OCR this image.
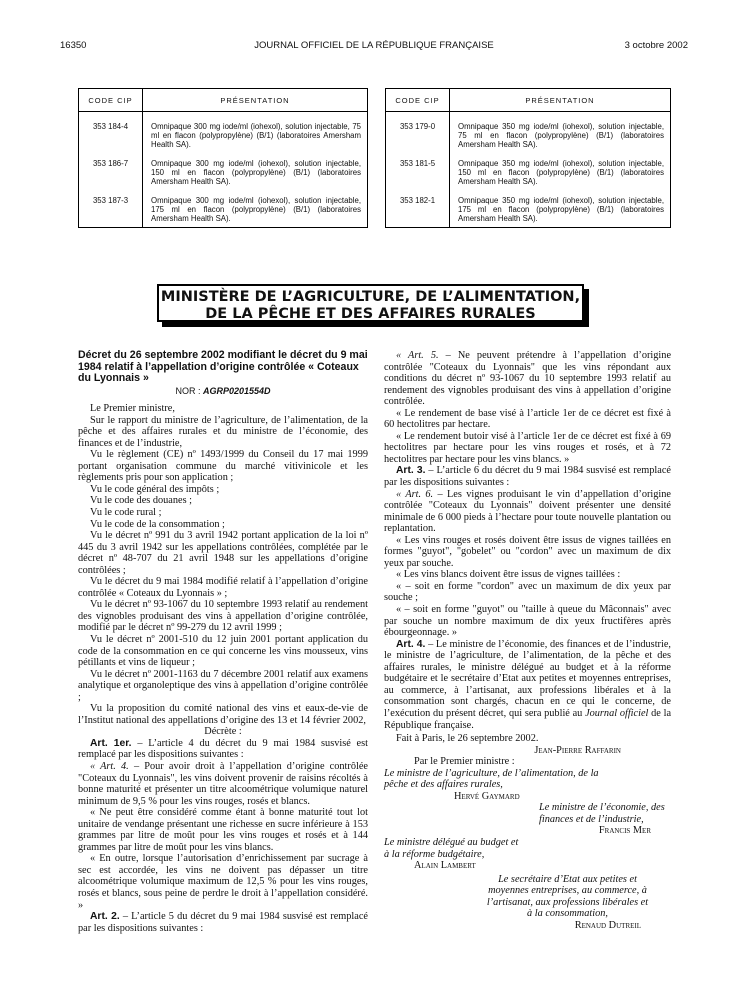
16350	JOURNAL OFFICIEL DE LA RÉPUBLIQUE FRANÇAISE	3 octobre 2002
CODE CIP	PRÉSENTATION
353 184-4	Omnipaque 300 mg iode/ml (iohexol), solution injectable, 75 ml en flacon (polypropylène) (B/1) (laboratoires Amersham Health SA).
353 186-7	Omnipaque 300 mg iode/ml (iohexol), solution injectable, 150 ml en flacon (polypropylène) (B/1) (laboratoires Amersham Health SA).
353 187-3	Omnipaque 300 mg iode/ml (iohexol), solution injectable, 175 ml en flacon (polypropylène) (B/1) (laboratoires Amersham Health SA).
CODE CIP	PRÉSENTATION
353 179-0	Omnipaque 350 mg iode/ml (iohexol), solution injectable, 75 ml en flacon (polypropylène) (B/1) (laboratoires Amersham Health SA).
353 181-5	Omnipaque 350 mg iode/ml (iohexol), solution injectable, 150 ml en flacon (polypropylène) (B/1) (laboratoires Amersham Health SA).
353 182-1	Omnipaque 350 mg iode/ml (iohexol), solution injectable, 175 ml en flacon (polypropylène) (B/1) (laboratoires Amersham Health SA).
MINISTÈRE DE L’AGRICULTURE, DE L’ALIMENTATION,
DE LA PÊCHE ET DES AFFAIRES RURALES
Décret du 26 septembre 2002 modifiant le décret du 9 mai 1984 relatif à l’appellation d’origine contrôlée « Coteaux du Lyonnais »
NOR : AGRP0201554D

Le Premier ministre,

Sur le rapport du ministre de l’agriculture, de l’alimentation, de la pêche et des affaires rurales et du ministre de l’économie, des finances et de l’industrie,

Vu le règlement (CE) nº 1493/1999 du Conseil du 17 mai 1999 portant organisation commune du marché vitivinicole et les règlements pris pour son application ;

Vu le code général des impôts ;

Vu le code des douanes ;

Vu le code rural ;

Vu le code de la consommation ;

Vu le décret nº 991 du 3 avril 1942 portant application de la loi nº 445 du 3 avril 1942 sur les appellations contrôlées, complétée par le décret nº 48-707 du 21 avril 1948 sur les appellations d’origine contrôlées ;

Vu le décret du 9 mai 1984 modifié relatif à l’appellation d’origine contrôlée « Coteaux du Lyonnais » ;

Vu le décret nº 93-1067 du 10 septembre 1993 relatif au rendement des vignobles produisant des vins à appellation d’origine contrôlée, modifié par le décret nº 99-279 du 12 avril 1999 ;

Vu le décret nº 2001-510 du 12 juin 2001 portant application du code de la consommation en ce qui concerne les vins mousseux, vins pétillants et vins de liqueur ;

Vu le décret nº 2001-1163 du 7 décembre 2001 relatif aux examens analytique et organoleptique des vins à appellation d’origine contrôlée ;

Vu la proposition du comité national des vins et eaux-de-vie de l’Institut national des appellations d’origine des 13 et 14 février 2002,

Décrète :

Art. 1er. – L’article 4 du décret du 9 mai 1984 susvisé est remplacé par les dispositions suivantes :

« Art. 4. – Pour avoir droit à l’appellation d’origine contrôlée "Coteaux du Lyonnais", les vins doivent provenir de raisins récoltés à bonne maturité et présenter un titre alcoométrique volumique naturel minimum de 9,5 % pour les vins rouges, rosés et blancs.

« Ne peut être considéré comme étant à bonne maturité tout lot unitaire de vendange présentant une richesse en sucre inférieure à 153 grammes par litre de moût pour les vins rouges et rosés et à 144 grammes par litre de moût pour les vins blancs.

« En outre, lorsque l’autorisation d’enrichissement par sucrage à sec est accordée, les vins ne doivent pas dépasser un titre alcoométrique volumique maximum de 12,5 % pour les vins rouges, rosés et blancs, sous peine de perdre le droit à l’appellation considéré. »

Art. 2. – L’article 5 du décret du 9 mai 1984 susvisé est remplacé par les dispositions suivantes :

« Art. 5. – Ne peuvent prétendre à l’appellation d’origine contrôlée "Coteaux du Lyonnais" que les vins répondant aux conditions du décret nº 93-1067 du 10 septembre 1993 relatif au rendement des vignobles produisant des vins à appellation d’origine contrôlée.

« Le rendement de base visé à l’article 1er de ce décret est fixé à 60 hectolitres par hectare.

« Le rendement butoir visé à l’article 1er de ce décret est fixé à 69 hectolitres par hectare pour les vins rouges et rosés, et à 72 hectolitres par hectare pour les vins blancs. »

Art. 3. – L’article 6 du décret du 9 mai 1984 susvisé est remplacé par les dispositions suivantes :

« Art. 6. – Les vignes produisant le vin d’appellation d’origine contrôlée "Coteaux du Lyonnais" doivent présenter une densité minimale de 6 000 pieds à l’hectare pour toute nouvelle plantation ou replantation.

« Les vins rouges et rosés doivent être issus de vignes taillées en formes "guyot", "gobelet" ou "cordon" avec un maximum de dix yeux par souche.

« Les vins blancs doivent être issus de vignes taillées :

« – soit en forme "cordon" avec un maximum de dix yeux par souche ;

« – soit en forme "guyot" ou "taille à queue du Mâconnais" avec par souche un nombre maximum de dix yeux fructifères après ébourgeonnage. »

Art. 4. – Le ministre de l’économie, des finances et de l’industrie, le ministre de l’agriculture, de l’alimentation, de la pêche et des affaires rurales, le ministre délégué au budget et à la réforme budgétaire et le secrétaire d’Etat aux petites et moyennes entreprises, au commerce, à l’artisanat, aux professions libérales et à la consommation sont chargés, chacun en ce qui le concerne, de l’exécution du présent décret, qui sera publié au Journal officiel de la République française.

Fait à Paris, le 26 septembre 2002.

Jean-Pierre Raffarin

Par le Premier ministre :

Le ministre de l’agriculture, de l’alimentation, de la pêche et des affaires rurales,

Hervé Gaymard

Le ministre de l’économie, des finances et de l’industrie,

Francis Mer

Le ministre délégué au budget et à la réforme budgétaire,

Alain Lambert

Le secrétaire d’Etat aux petites et moyennes entreprises, au commerce, à l’artisanat, aux professions libérales et à la consommation,

Renaud Dutreil
